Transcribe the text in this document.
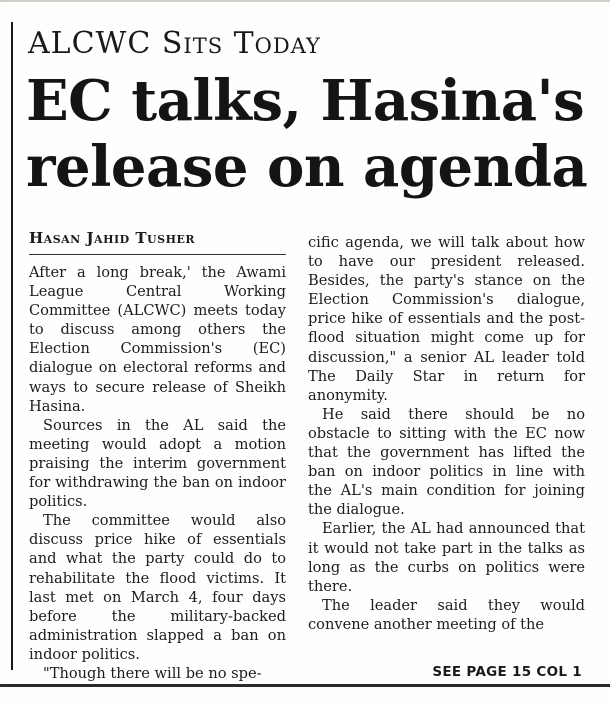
ALCWC Sits Today
EC talks, Hasina's
release on agenda
Hasan Jahid Tusher

After a long break,' the Awami League Central Working Committee (ALCWC) meets today to discuss among others the Election Commission's (EC) dialogue on electoral reforms and ways to secure release of Sheikh Hasina.

Sources in the AL said the meeting would adopt a motion praising the interim government for withdrawing the ban on indoor politics.

The committee would also discuss price hike of essentials and what the party could do to rehabilitate the flood victims. It last met on March 4, four days before the military-backed administration slapped a ban on indoor politics.

"Though there will be no spe-

cific agenda, we will talk about how to have our president released. Besides, the party's stance on the Election Commission's dialogue, price hike of essentials and the post-flood situation might come up for discussion," a senior AL leader told The Daily Star in return for anonymity.

He said there should be no obstacle to sitting with the EC now that the government has lifted the ban on indoor politics in line with the AL's main condition for joining the dialogue.

Earlier, the AL had announced that it would not take part in the talks as long as the curbs on politics were there.

The leader said they would convene another meeting of the

SEE PAGE 15 COL 1
